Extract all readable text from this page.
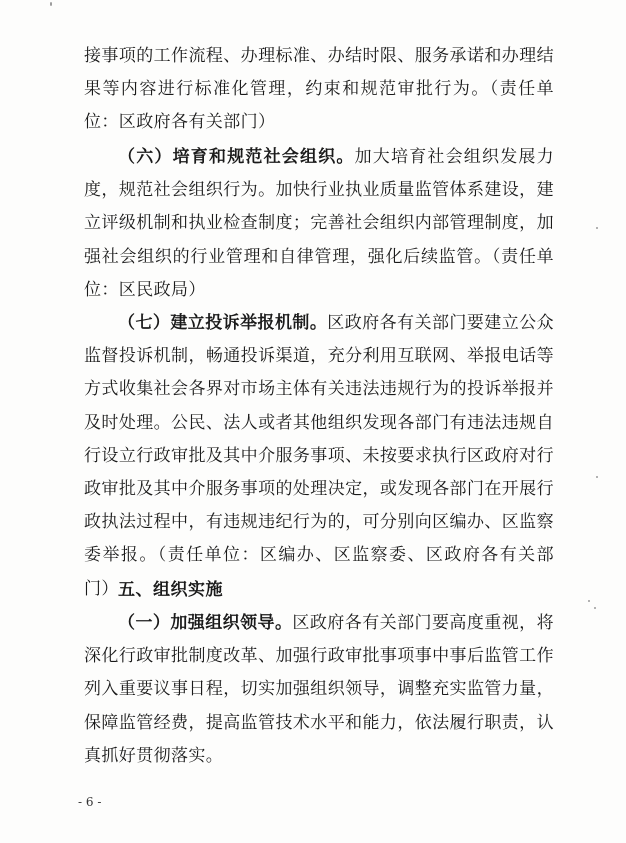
接事项的工作流程、办理标准、办结时限、服务承诺和办理结果等内容进行标准化管理，约束和规范审批行为。（责任单位：区政府各有关部门）

（六）培育和规范社会组织。加大培育社会组织发展力度，规范社会组织行为。加快行业执业质量监管体系建设，建立评级机制和执业检查制度；完善社会组织内部管理制度，加强社会组织的行业管理和自律管理，强化后续监管。（责任单位：区民政局）

（七）建立投诉举报机制。区政府各有关部门要建立公众监督投诉机制，畅通投诉渠道，充分利用互联网、举报电话等方式收集社会各界对市场主体有关违法违规行为的投诉举报并及时处理。公民、法人或者其他组织发现各部门有违法违规自行设立行政审批及其中介服务事项、未按要求执行区政府对行政审批及其中介服务事项的处理决定，或发现各部门在开展行政执法过程中，有违规违纪行为的，可分别向区编办、区监察委举报。（责任单位：区编办、区监察委、区政府各有关部门） 五、组织实施

（一）加强组织领导。区政府各有关部门要高度重视，将深化行政审批制度改革、加强行政审批事项事中事后监管工作列入重要议事日程，切实加强组织领导，调整充实监管力量，保障监管经费，提高监管技术水平和能力，依法履行职责，认真抓好贯彻落实。

- 6 -
